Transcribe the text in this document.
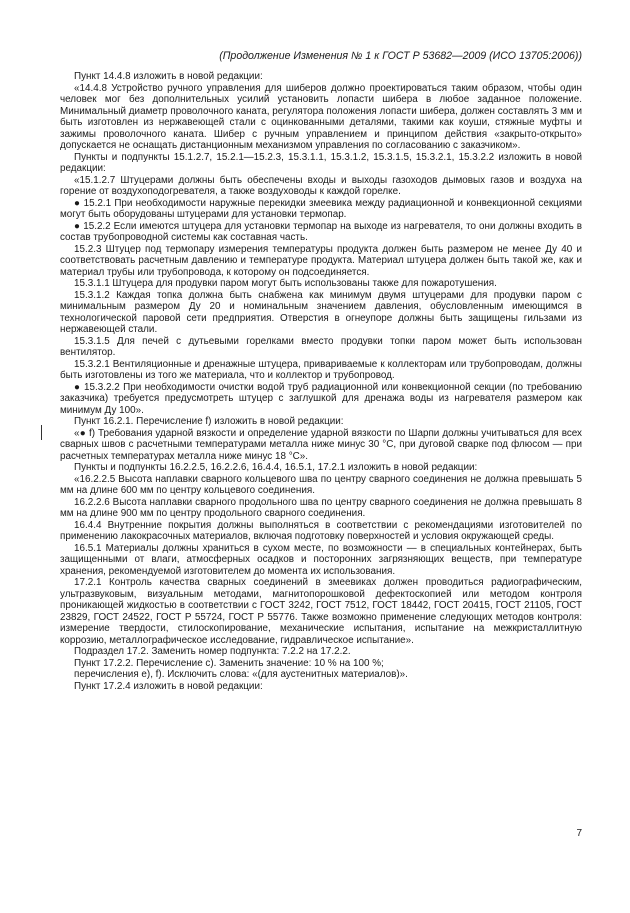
(Продолжение Изменения № 1 к ГОСТ Р 53682—2009 (ИСО 13705:2006))

Пункт 14.4.8 изложить в новой редакции:

«14.4.8 Устройство ручного управления для шиберов должно проектироваться таким образом, чтобы один человек мог без дополнительных усилий установить лопасти шибера в любое заданное положение. Минимальный диаметр проволочного каната, регулятора положения лопасти шибера, должен составлять 3 мм и быть изготовлен из нержавеющей стали с оцинкованными деталями, такими как коуши, стяжные муфты и зажимы проволочного каната. Шибер с ручным управлением и принципом действия «закрыто-открыто» допускается не оснащать дистанционным механизмом управления по согласованию с заказчиком».

Пункты и подпункты 15.1.2.7, 15.2.1—15.2.3, 15.3.1.1, 15.3.1.2, 15.3.1.5, 15.3.2.1, 15.3.2.2 изложить в новой редакции:

«15.1.2.7 Штуцерами должны быть обеспечены входы и выходы газоходов дымовых газов и воздуха на горение от воздухоподогревателя, а также воздуховоды к каждой горелке.

● 15.2.1 При необходимости наружные перекидки змеевика между радиационной и конвекционной секциями могут быть оборудованы штуцерами для установки термопар.

● 15.2.2 Если имеются штуцера для установки термопар на выходе из нагревателя, то они должны входить в состав трубопроводной системы как составная часть.

15.2.3 Штуцер под термопару измерения температуры продукта должен быть размером не менее Ду 40 и соответствовать расчетным давлению и температуре продукта. Материал штуцера должен быть такой же, как и материал трубы или трубопровода, к которому он подсоединяется.

15.3.1.1 Штуцера для продувки паром могут быть использованы также для пожаротушения.

15.3.1.2 Каждая топка должна быть снабжена как минимум двумя штуцерами для продувки паром с минимальным размером Ду 20 и номинальным значением давления, обусловленным имеющимся в технологической паровой сети предприятия. Отверстия в огнеупоре должны быть защищены гильзами из нержавеющей стали.

15.3.1.5 Для печей с дутьевыми горелками вместо продувки топки паром может быть использован вентилятор.

15.3.2.1 Вентиляционные и дренажные штуцера, привариваемые к коллекторам или трубопроводам, должны быть изготовлены из того же материала, что и коллектор и трубопровод.

● 15.3.2.2 При необходимости очистки водой труб радиационной или конвекционной секции (по требованию заказчика) требуется предусмотреть штуцер с заглушкой для дренажа воды из нагревателя размером как минимум Ду 100».

Пункт 16.2.1. Перечисление f) изложить в новой редакции:

«● f) Требования ударной вязкости и определение ударной вязкости по Шарпи должны учитываться для всех сварных швов с расчетными температурами металла ниже минус 30 °С, при дуговой сварке под флюсом — при расчетных температурах металла ниже минус 18 °С».

Пункты и подпункты 16.2.2.5, 16.2.2.6, 16.4.4, 16.5.1, 17.2.1 изложить в новой редакции:

«16.2.2.5 Высота наплавки сварного кольцевого шва по центру сварного соединения не должна превышать 5 мм на длине 600 мм по центру кольцевого соединения.

16.2.2.6 Высота наплавки сварного продольного шва по центру сварного соединения не должна превышать 8 мм на длине 900 мм по центру продольного сварного соединения.

16.4.4 Внутренние покрытия должны выполняться в соответствии с рекомендациями изготовителей по применению лакокрасочных материалов, включая подготовку поверхностей и условия окружающей среды.

16.5.1 Материалы должны храниться в сухом месте, по возможности — в специальных контейнерах, быть защищенными от влаги, атмосферных осадков и посторонних загрязняющих веществ, при температуре хранения, рекомендуемой изготовителем до момента их использования.

17.2.1 Контроль качества сварных соединений в змеевиках должен проводиться радиографическим, ультразвуковым, визуальным методами, магнитопорошковой дефектоскопией или методом контроля проникающей жидкостью в соответствии с ГОСТ 3242, ГОСТ 7512, ГОСТ 18442, ГОСТ 20415, ГОСТ 21105, ГОСТ 23829, ГОСТ 24522, ГОСТ Р 55724, ГОСТ Р 55776. Также возможно применение следующих методов контроля: измерение твердости, стилоскопирование, механические испытания, испытание на межкристаллитную коррозию, металлографическое исследование, гидравлическое испытание».

Подраздел 17.2. Заменить номер подпункта: 7.2.2 на 17.2.2.

Пункт 17.2.2. Перечисление с). Заменить значение: 10 % на 100 %;

перечисления е), f). Исключить слова: «(для аустенитных материалов)».

Пункт 17.2.4 изложить в новой редакции:

7
